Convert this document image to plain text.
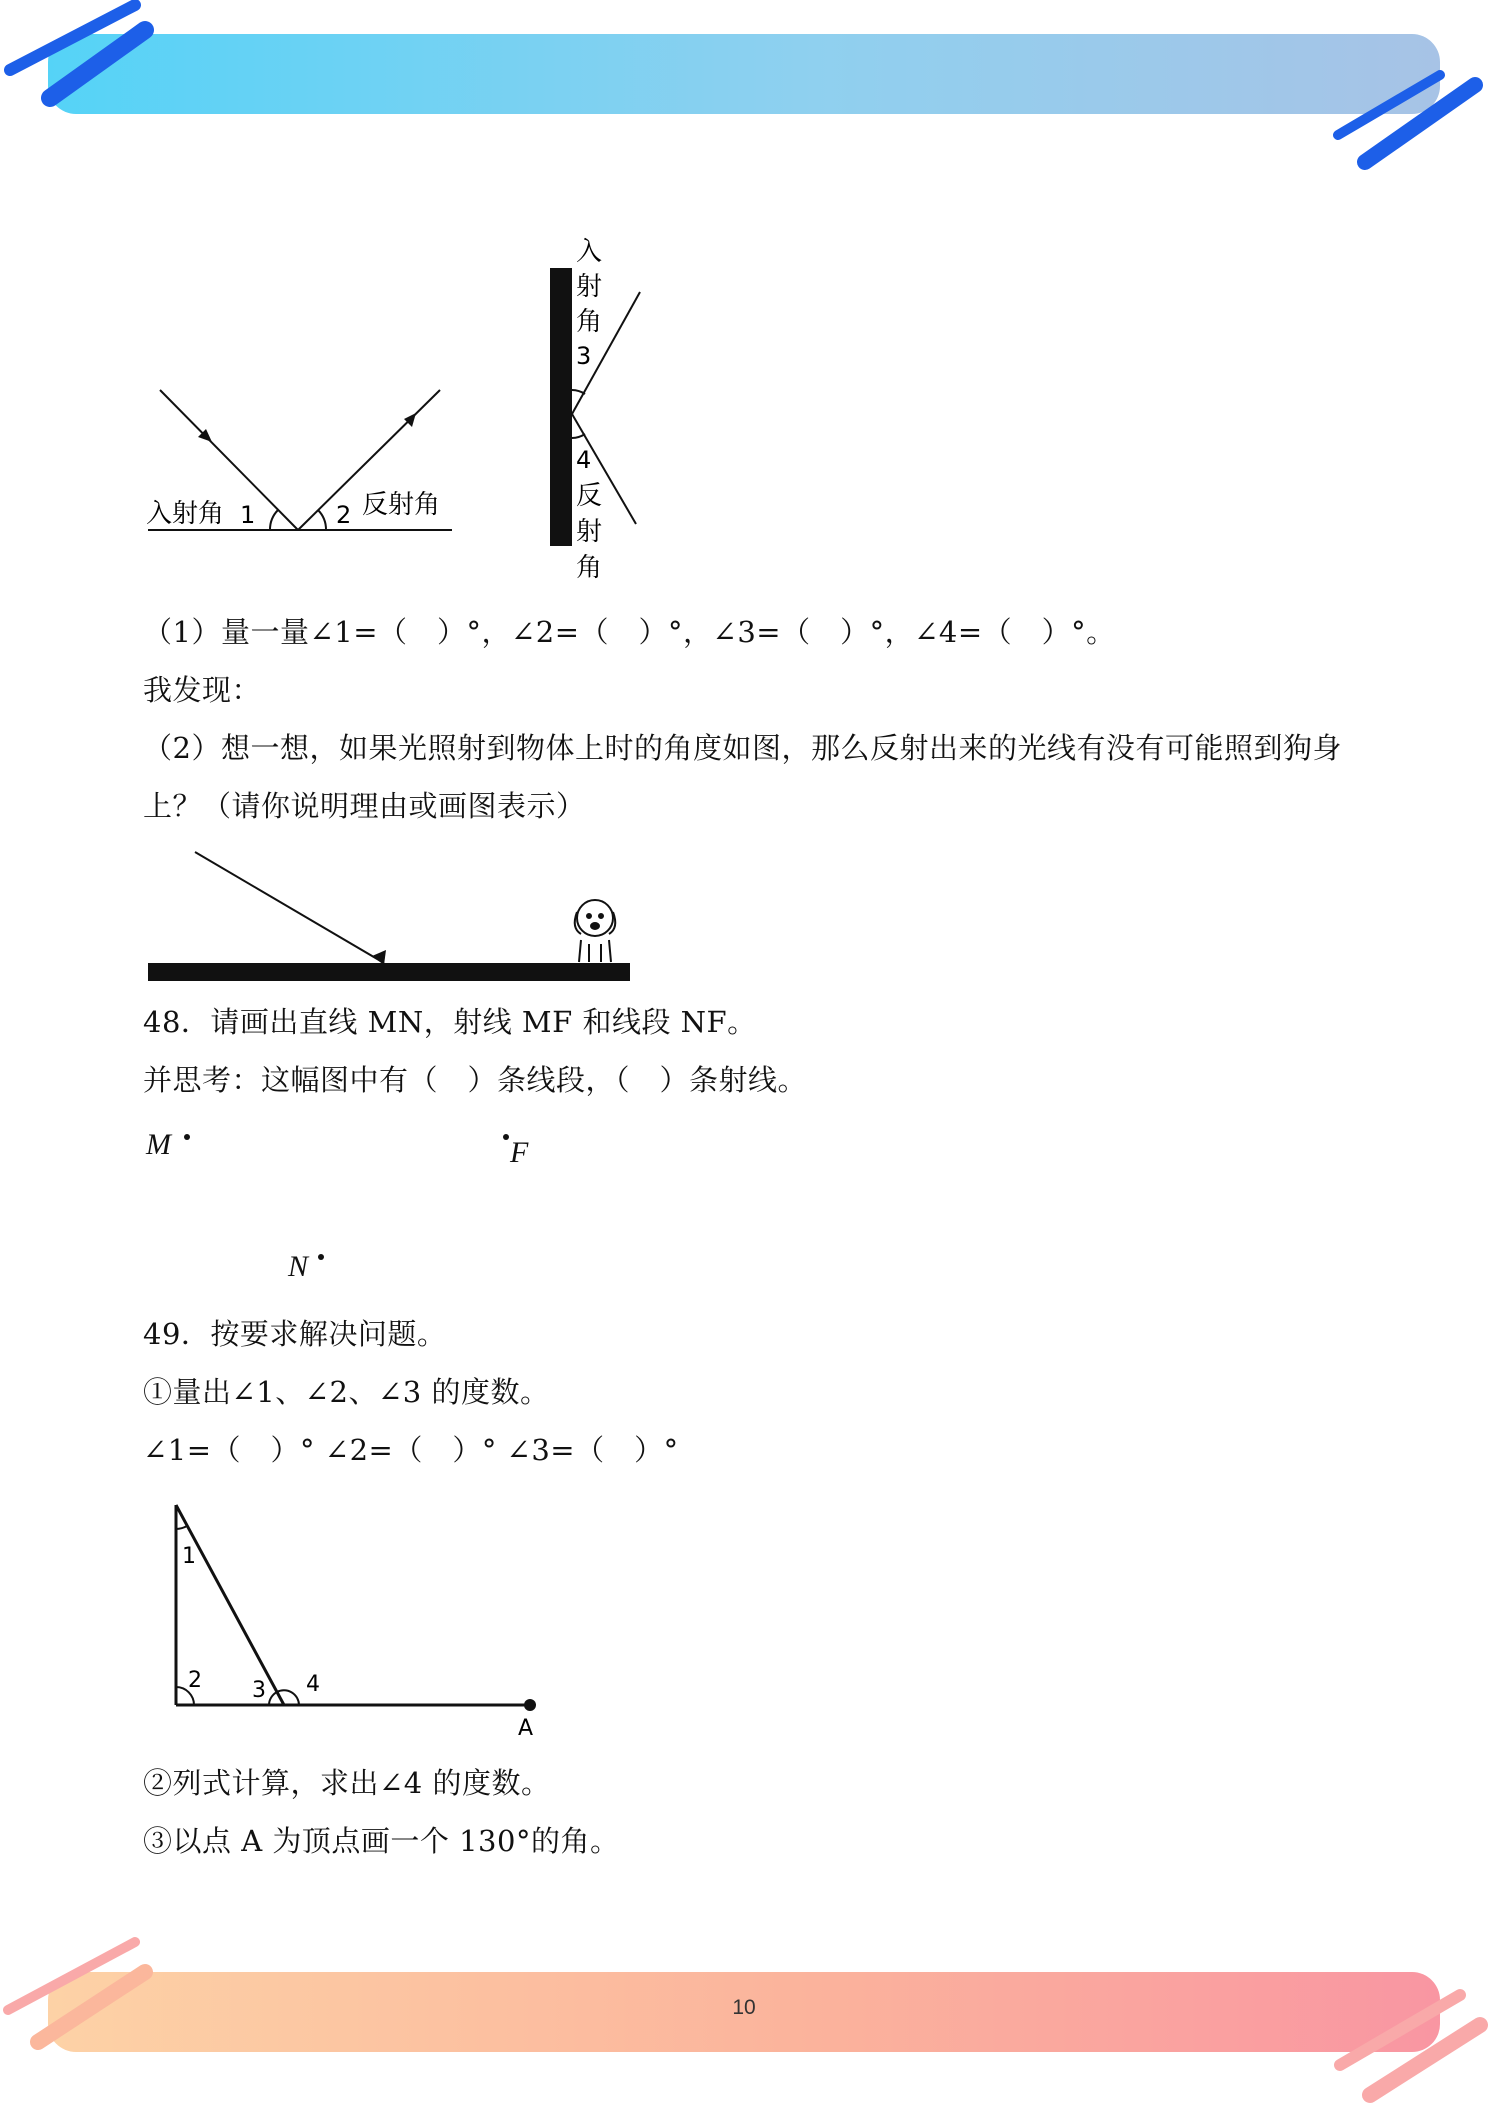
10
入射角 1	2 反射角
入
射
角
3
4
反
射
角
（1）量一量∠1=（　）°，∠2=（　）°，∠3=（　）°，∠4=（　）°。
我发现：
（2）想一想，如果光照射到物体上时的角度如图，那么反射出来的光线有没有可能照到狗身
上？（请你说明理由或画图表示）
48．请画出直线 MN，射线 MF 和线段 NF。
并思考：这幅图中有（　）条线段，（　）条射线。
M	F
N
49．按要求解决问题。
①量出∠1、∠2、∠3 的度数。
∠1=（　）° ∠2=（　）° ∠3=（　）°
1
2 3 4
A
②列式计算，求出∠4 的度数。
③以点 A 为顶点画一个 130°的角。
